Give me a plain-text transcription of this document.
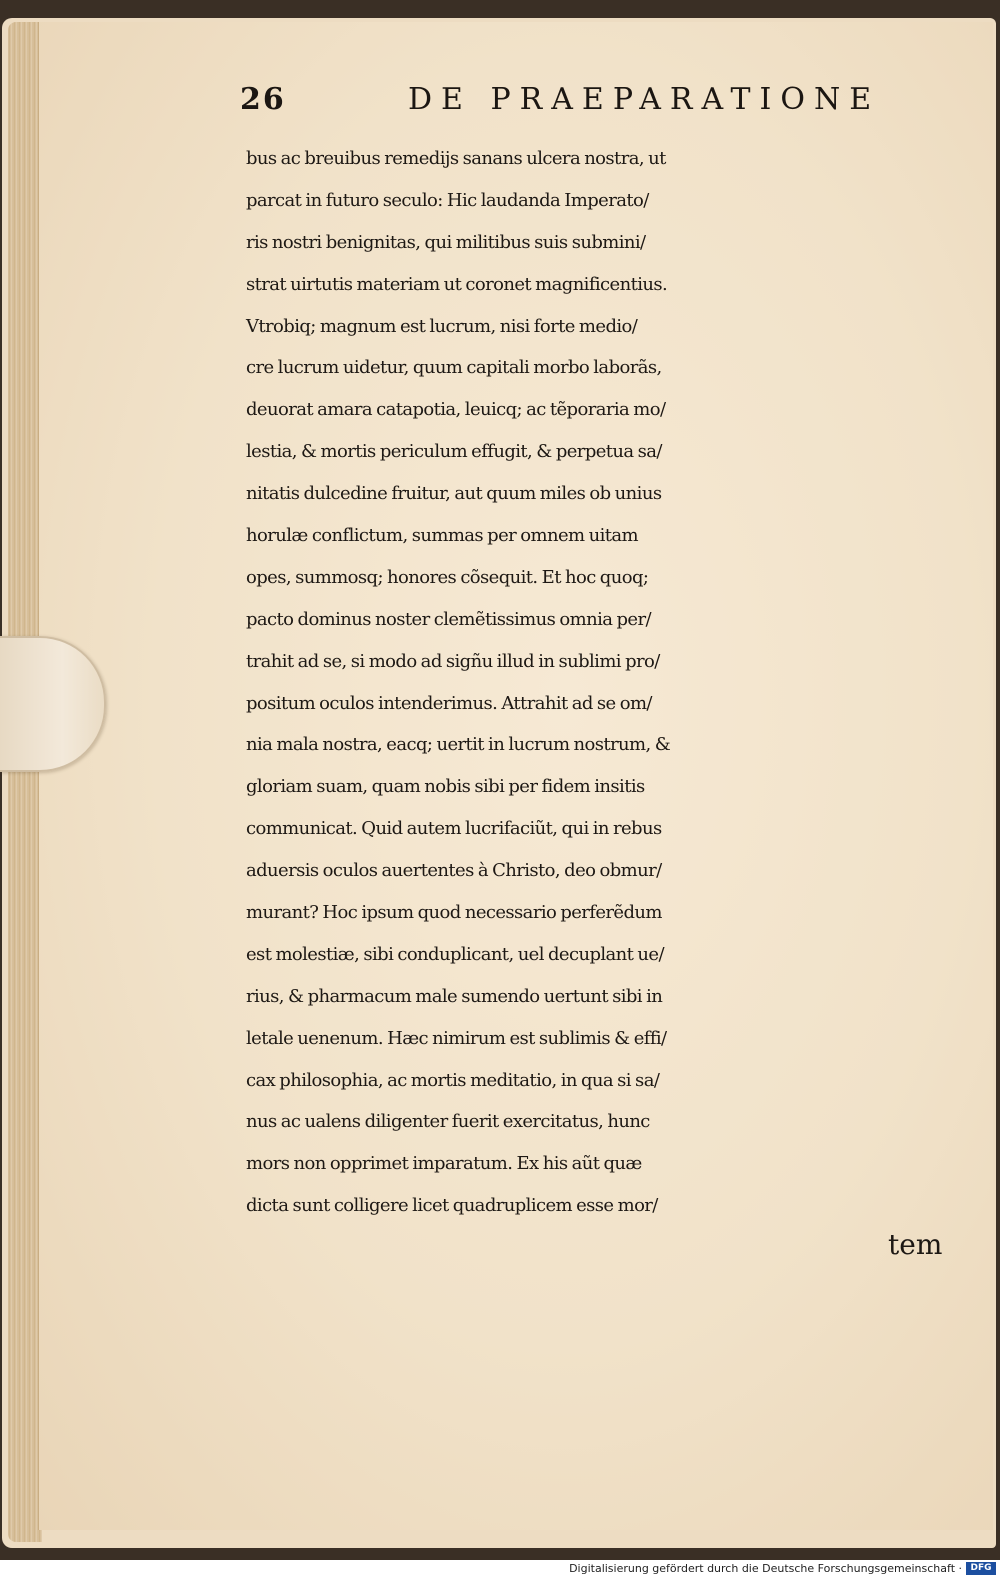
26	DE PRAEPARATIONE
bus ac breuibus remedijs sanans ulcera nostra, ut
parcat in futuro seculo: Hic laudanda Imperato/
ris nostri benignitas, qui militibus suis submini/
strat uirtutis materiam ut coronet magnificentius.
Vtrobiq; magnum est lucrum, nisi forte medio/
cre lucrum uidetur, quum capitali morbo laborãs,
deuorat amara catapotia, leuicq; ac tẽporaria mo/
lestia, & mortis periculum effugit, & perpetua sa/
nitatis dulcedine fruitur, aut quum miles ob unius
horulæ conflictum, summas per omnem uitam
opes, summosq; honores cõsequit. Et hoc quoq;
pacto dominus noster clemẽtissimus omnia per/
trahit ad se, si modo ad sigñu illud in sublimi pro/
positum oculos intenderimus. Attrahit ad se om/
nia mala nostra, eacq; uertit in lucrum nostrum, &
gloriam suam, quam nobis sibi per fidem insitis
communicat. Quid autem lucrifaciũt, qui in rebus
aduersis oculos auertentes à Christo, deo obmur/
murant? Hoc ipsum quod necessario perferẽdum
est molestiæ, sibi conduplicant, uel decuplant ue/
rius, & pharmacum male sumendo uertunt sibi in
letale uenenum. Hæc nimirum est sublimis & effi/
cax philosophia, ac mortis meditatio, in qua si sa/
nus ac ualens diligenter fuerit exercitatus, hunc
mors non opprimet imparatum. Ex his aũt quæ
dicta sunt colligere licet quadruplicem esse mor/
tem
Digitalisierung gefördert durch die Deutsche Forschungsgemeinschaft · DFG
